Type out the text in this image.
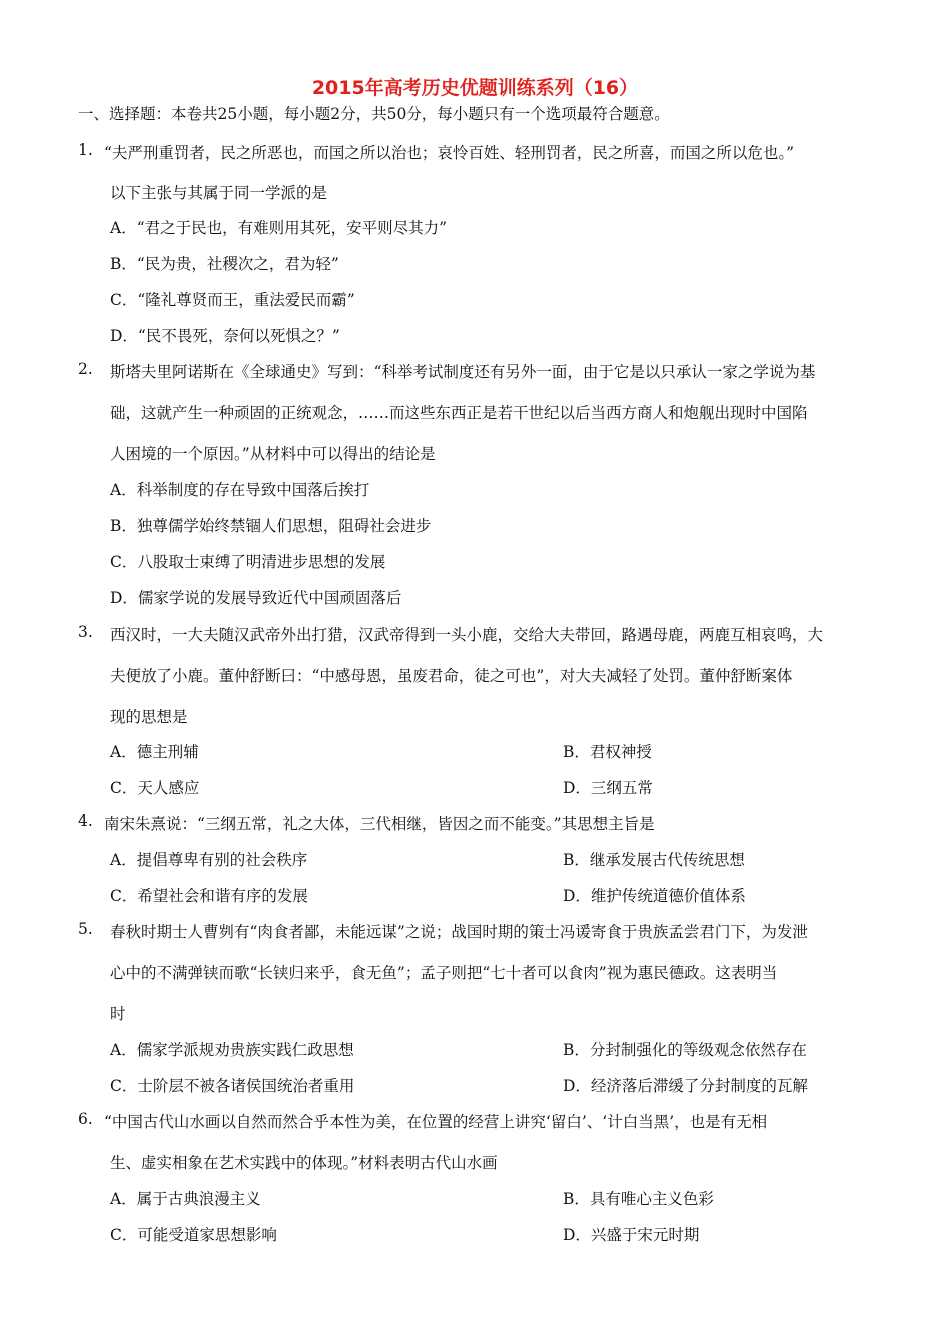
2015年高考历史优题训练系列（16）
一、选择题：本卷共25小题，每小题2分，共50分，每小题只有一个选项最符合题意。
1. “夫严刑重罚者，民之所恶也，而国之所以治也；哀怜百姓、轻刑罚者，民之所喜，而国之所以危也。”
以下主张与其属于同一学派的是
A．“君之于民也，有难则用其死，安平则尽其力”
B．“民为贵，社稷次之，君为轻”
C．“隆礼尊贤而王，重法爱民而霸”
D．“民不畏死，奈何以死惧之？”
2. 斯塔夫里阿诺斯在《全球通史》写到：“科举考试制度还有另外一面，由于它是以只承认一家之学说为基
础，这就产生一种顽固的正统观念，……而这些东西正是若干世纪以后当西方商人和炮舰出现时中国陷
人困境的一个原因。”从材料中可以得出的结论是
A．科举制度的存在导致中国落后挨打
B．独尊儒学始终禁锢人们思想，阻碍社会进步
C．八股取士束缚了明清进步思想的发展
D．儒家学说的发展导致近代中国顽固落后
3. 西汉时，一大夫随汉武帝外出打猎，汉武帝得到一头小鹿，交给大夫带回，路遇母鹿，两鹿互相哀鸣，大
夫便放了小鹿。董仲舒断曰：“中感母恩，虽废君命，徒之可也”，对大夫减轻了处罚。董仲舒断案体
现的思想是
A．德主刑辅	B．君权神授
C．天人感应	D．三纲五常
4. 南宋朱熹说：“三纲五常，礼之大体，三代相继，皆因之而不能变。”其思想主旨是
A．提倡尊卑有别的社会秩序	B．继承发展古代传统思想
C．希望社会和谐有序的发展	D．维护传统道德价值体系
5. 春秋时期士人曹刿有“肉食者鄙，未能远谋”之说；战国时期的策士冯谖寄食于贵族孟尝君门下，为发泄
心中的不满弹铗而歌“长铗归来乎，食无鱼”；孟子则把“七十者可以食肉”视为惠民德政。这表明当
时
A．儒家学派规劝贵族实践仁政思想	B．分封制强化的等级观念依然存在
C．士阶层不被各诸侯国统治者重用	D．经济落后滞缓了分封制度的瓦解
6. “中国古代山水画以自然而然合乎本性为美，在位置的经营上讲究‘留白’、‘计白当黑’，也是有无相
生、虚实相象在艺术实践中的体现。”材料表明古代山水画
A．属于古典浪漫主义	B．具有唯心主义色彩
C．可能受道家思想影响	D．兴盛于宋元时期
